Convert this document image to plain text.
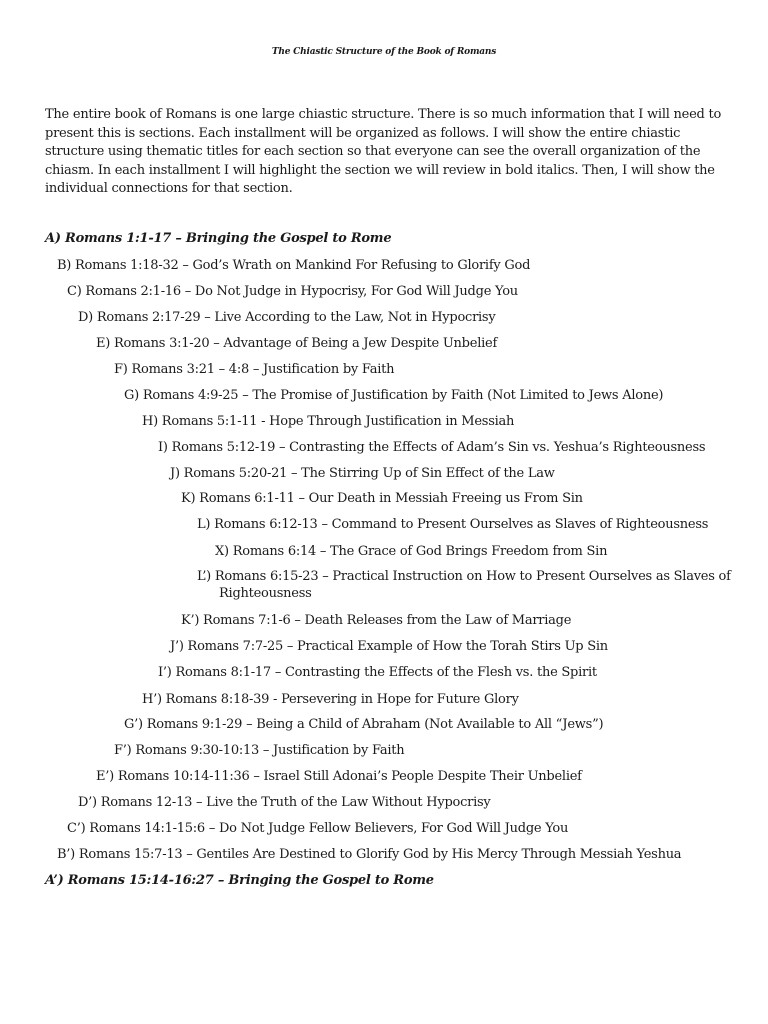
The Chiastic Structure of the Book of Romans

The entire book of Romans is one large chiastic structure. There is so much information that I will need to present this is sections. Each installment will be organized as follows. I will show the entire chiastic structure using thematic titles for each section so that everyone can see the overall organization of the chiasm. In each installment I will highlight the section we will review in bold italics. Then, I will show the individual connections for that section.

A) Romans 1:1-17 – Bringing the Gospel to Rome
B) Romans 1:18-32 – God’s Wrath on Mankind For Refusing to Glorify God
C) Romans 2:1-16 – Do Not Judge in Hypocrisy, For God Will Judge You
D) Romans 2:17-29 – Live According to the Law, Not in Hypocrisy
E) Romans 3:1-20 – Advantage of Being a Jew Despite Unbelief
F) Romans 3:21 – 4:8 – Justification by Faith
G) Romans 4:9-25 – The Promise of Justification by Faith (Not Limited to Jews Alone)
H) Romans 5:1-11 - Hope Through Justification in Messiah
I) Romans 5:12-19 – Contrasting the Effects of Adam’s Sin vs. Yeshua’s Righteousness
J) Romans 5:20-21 – The Stirring Up of Sin Effect of the Law
K) Romans 6:1-11 – Our Death in Messiah Freeing us From Sin
L) Romans 6:12-13 – Command to Present Ourselves as Slaves of Righteousness
X) Romans 6:14 – The Grace of God Brings Freedom from Sin
L’) Romans 6:15-23 – Practical Instruction on How to Present Ourselves as Slaves of Righteousness
K’) Romans 7:1-6 – Death Releases from the Law of Marriage
J’) Romans 7:7-25 – Practical Example of How the Torah Stirs Up Sin
I’) Romans 8:1-17 – Contrasting the Effects of the Flesh vs. the Spirit
H’) Romans 8:18-39 - Persevering in Hope for Future Glory
G’) Romans 9:1-29 – Being a Child of Abraham (Not Available to All “Jews”)
F’) Romans 9:30-10:13 – Justification by Faith
E’) Romans 10:14-11:36 – Israel Still Adonai’s People Despite Their Unbelief
D’) Romans 12-13 – Live the Truth of the Law Without Hypocrisy
C’) Romans 14:1-15:6 – Do Not Judge Fellow Believers, For God Will Judge You
B’) Romans 15:7-13 – Gentiles Are Destined to Glorify God by His Mercy Through Messiah Yeshua
A’) Romans 15:14-16:27 – Bringing the Gospel to Rome
